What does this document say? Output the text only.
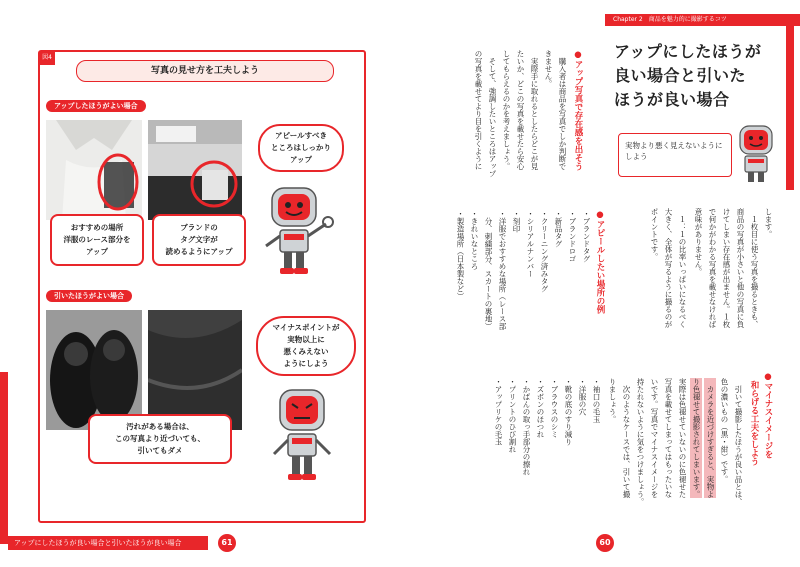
図4
写真の見せ方を工夫しよう
アップしたほうがよい場合
おすすめの場所
洋服のレース部分を
アップ
ブランドの
タグ文字が
読めるようにアップ
アピールすべき
ところはしっかり
アップ
引いたほうがよい場合
マイナスポイントが
実物以上に
悪くみえない
ようにしよう
汚れがある場合は、
この写真より近づいても、
引いてもダメ
アップにしたほうが良い場合と引いたほうが良い場合	61
Chapter 2　商品を魅力的に撮影するコツ
アップにしたほうが
良い場合と引いた
ほうが良い場合
実物より悪く見えないようにしよう
します。
　１枚目に使う写真を撮るときも、
商品の写真が小さいと他の写真に負
けてしまい存在感が出ません。１枚
で何かがわかる写真を載せなければ
意味がありません。
　１：１の比率いっぱいになるべく
大きく、全体が写るように撮るのが
ポイントです。
●アップ写真で存在感を出そう
　購入者は商品を写真でしか判断で
きません。
　実際手に取れるとしたらどこが見
たいか、どこの写真を載せたら安心
してもらえるのかを考えましょう。
　そして、強調したいところはアップ
の写真を載せてより目を引くように
●アピールしたい場所の例
・ブランドタグ
・ブランドロゴ
・新品タグ
・クリーニング済みタグ
・シリアルナンバー
・刻印
・洋服でおすすめな場所（レース部
　分、刺繍部分、スカートの裏地）
・きれいなところ
・製造場所（日本製など）
●マイナスイメージを
　和らげる工夫をしよう
　引いて撮影したほうが良い品とは、
色の濃いもの（黒・紺）です。
　カメラを近づけすぎると、実物よ
り色褪せて撮影されてしまいます。
実際は色褪せていないのに色褪せた
写真を載せてしまってはもったいな
いです。写真でマイナスイメージを
持たれないように気をつけましょう。
　次のようなケースでは、引いて撮
りましょう。
・袖口の毛玉
・洋服の穴
・靴の底のすり減り
・ブラウスのシミ
・ズボンのほつれ
・かばんの取っ手部分の擦れ
・プリントのひび割れ
・アップリケの毛玉
60
